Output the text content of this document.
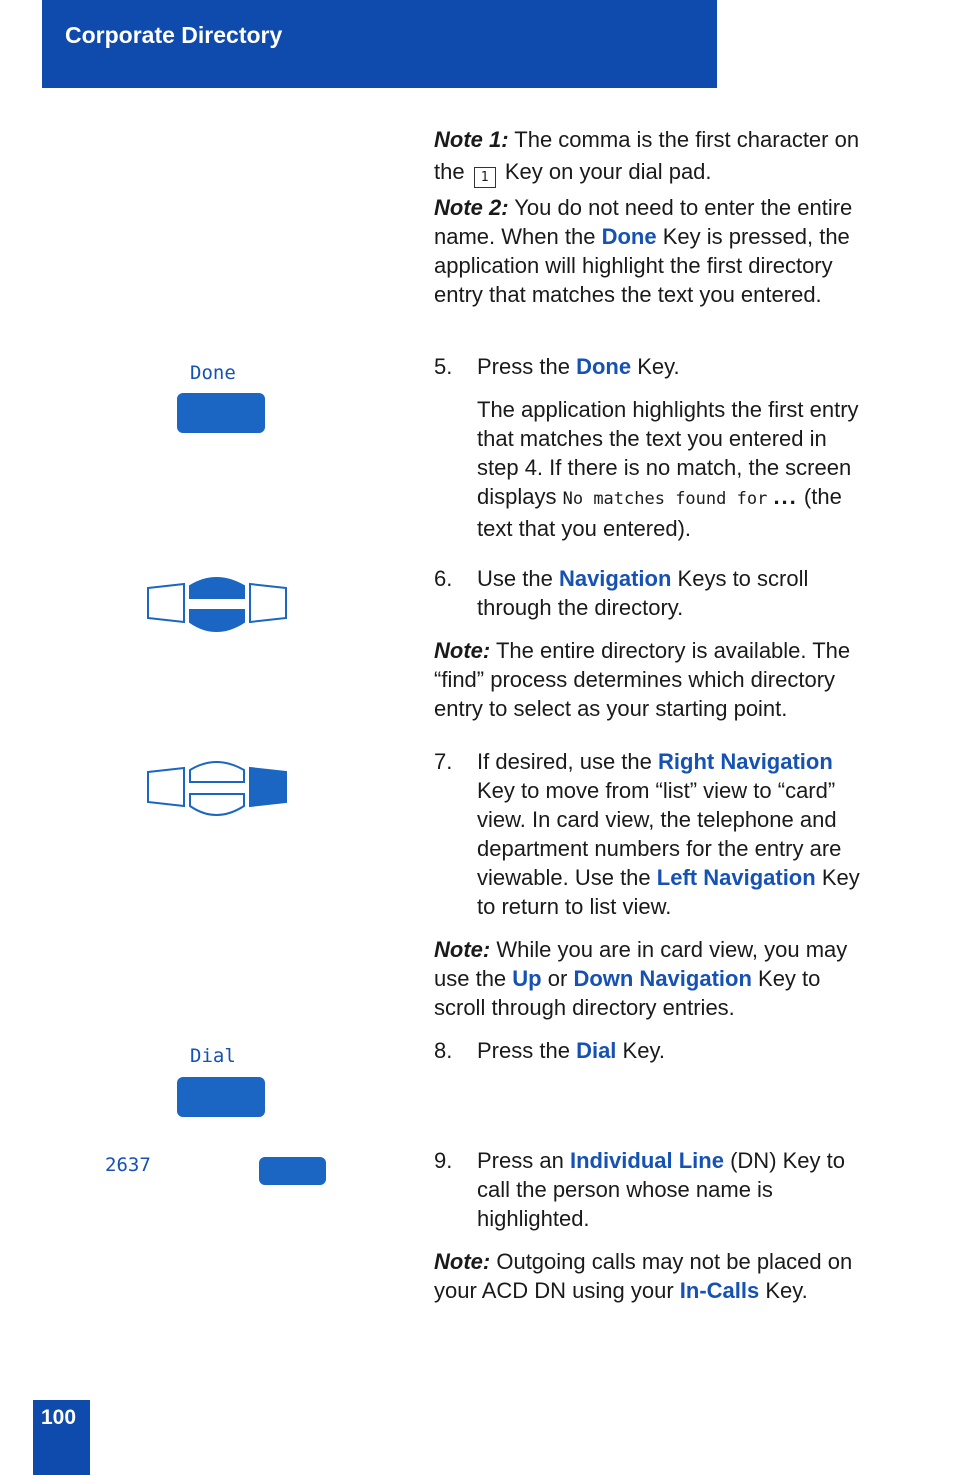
Corporate Directory
Note 1: The comma is the first character on the 1 Key on your dial pad.
Note 2: You do not need to enter the entire name. When the Done Key is pressed, the application will highlight the first directory entry that matches the text you entered.
Done	5. Press the Done Key.
The application highlights the first entry that matches the text you entered in step 4. If there is no match, the screen displays No matches found for ... (the text that you entered).
6. Use the Navigation Keys to scroll through the directory.
Note: The entire directory is available. The “find” process determines which directory entry to select as your starting point.
7. If desired, use the Right Navigation Key to move from “list” view to “card” view. In card view, the telephone and department numbers for the entry are viewable. Use the Left Navigation Key to return to list view.
Note: While you are in card view, you may use the Up or Down Navigation Key to scroll through directory entries.
Dial	8. Press the Dial Key.
2637	9. Press an Individual Line (DN) Key to call the person whose name is highlighted.
Note: Outgoing calls may not be placed on your ACD DN using your In-Calls Key.
100
